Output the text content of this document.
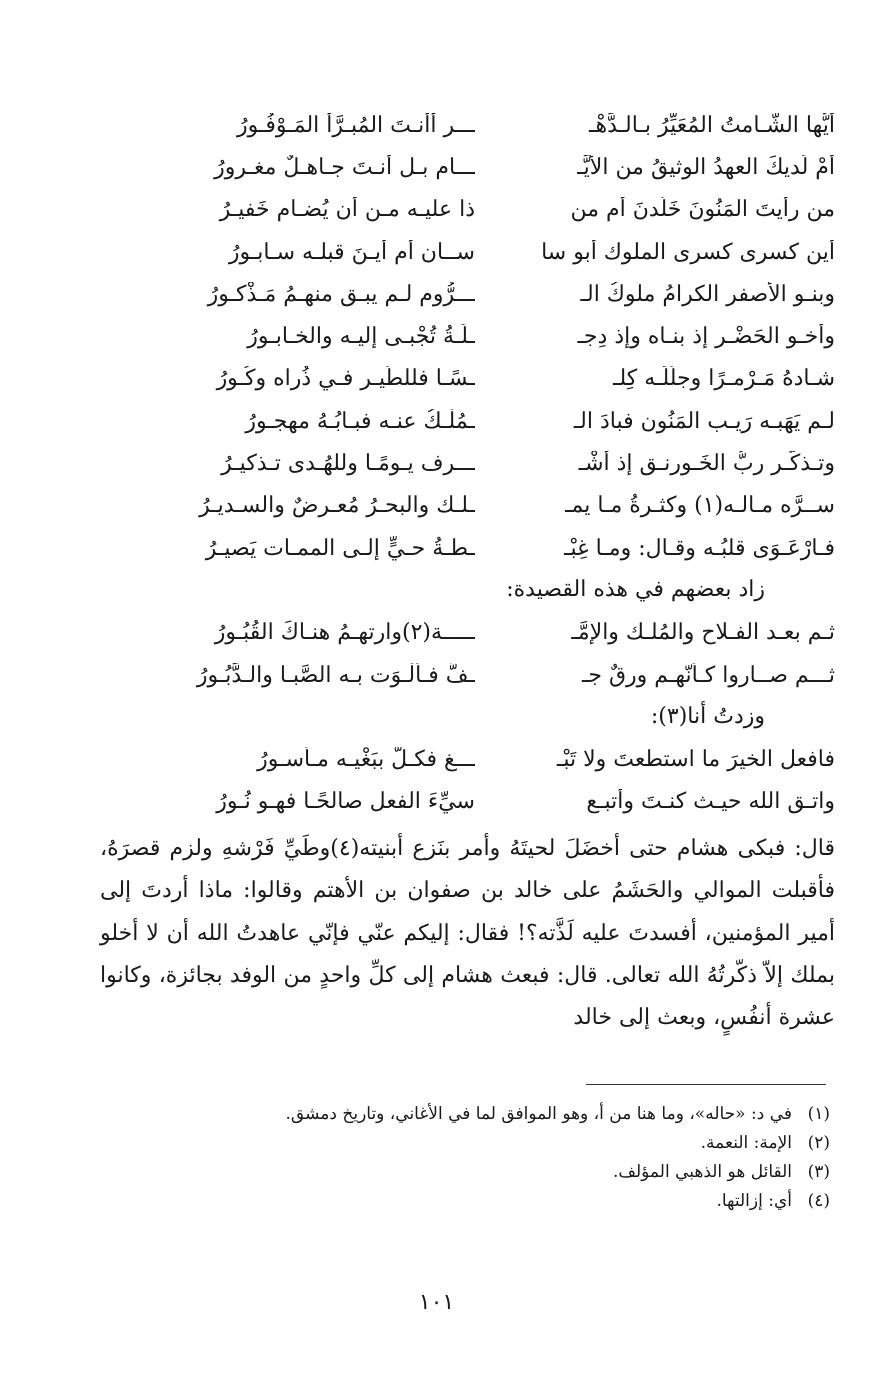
أيُّها الشَّـامتُ المُعَيِّرُ بـالـدَّهْـ
ـــرِ أأنـتَ المُبـرَّأُ المَـوْفُـورُ
أمْ لَديكَ العهدُ الوثيقُ من الأيَّـ
ـــامِ بـل أنـتَ جـاهـلٌ مغـرورُ
من رأيتَ المَنُونَ خَلَّدنَ أم من
ذا عليـه مـن أن يُضـام خَفيـرُ
أين كسرى كسرى الملوك أبو سا
ســان أم أيـنَ قبلـه سـابـورُ
وبنـو الأصفر الكرامُ ملوكُ الـ
ـــرُّوم لـم يبـق منهـمُ مَـذْكـورُ
وأخـو الحَضْـر إذ بنـاه وإذ دِجـ
ـلَـةُ تُجْبـى إليـه والخـابـورُ
شـادهُ مَـرْمـرًا وجلَّلَـه كِلـ
ـسًـا فللطَّيـر فـي ذُراه وكُـورُ
لـم يَهَبـه رَيـب المَنُون فبادَ الـ
ـمُلْـكُ عنـه فبـابُـهُ مهجـورُ
وتـذكَّـر ربُّ الخَـورنـق إذ أشْـ
ـــرف يـومًـا وللهُـدى تـذكيـرُ
ســرَّه مـالـه(١) وكثـرةُ مـا يمـ
ـلـك والبحـرُ مُعـرضٌ والسـديـرُ
فـارْعَـوَى قلبُـه وقـال: ومـا غِبْـ
ـطـةُ حـيٍّ إلـى الممـات يَصيـرُ
زاد بعضهم في هذه القصيدة:
ثـم بعـد الفـلاح والمُلـك والإمَّـ
ـــــة(٢)وارتهـمُ هنـاكَ القُبُـورُ
ثـــم صــاروا كـأنّهـم ورقٌ جـ
ـفَّ فـألْـوَت بـه الصَّبـا والـدَّبُـورُ
وزدتُ أنا(٣):
فافعل الخيرَ ما استطعتَ ولا تَبْـ
ـــغ فكـلٌّ ببَغْيـه مـأسـورُ
واتـقِ الله حيـث كنـتَ وأتبـع
سيِّءَ الفعل صالحًـا فهـو نُـورُ

قال: فبكى هشام حتى أخضَلَ لحيتَهُ وأمر بنَزع أبنيته(٤)وطَيِّ فَرْشهِ ولزم قصرَهُ، فأقبلت الموالي والحَشَمُ على خالد بن صفوان بن الأهتم وقالوا: ماذا أردتَ إلى أمير المؤمنين، أفسدتَ عليه لَذَّته؟! فقال: إليكم عنّي فإنّي عاهدتُ الله أن لا أخلو بملك إلاّ ذكّرتُهُ الله تعالى. قال: فبعث هشام إلى كلِّ واحدٍ من الوفد بجائزة، وكانوا عشرة أنفُسٍ، وبعث إلى خالد

(١)في د: «حاله»، وما هنا من أ، وهو الموافق لما في الأغاني، وتاريخ دمشق.
(٢)الإمة: النعمة.
(٣)القائل هو الذهبي المؤلف.
(٤)أي: إزالتها.
١٠١
